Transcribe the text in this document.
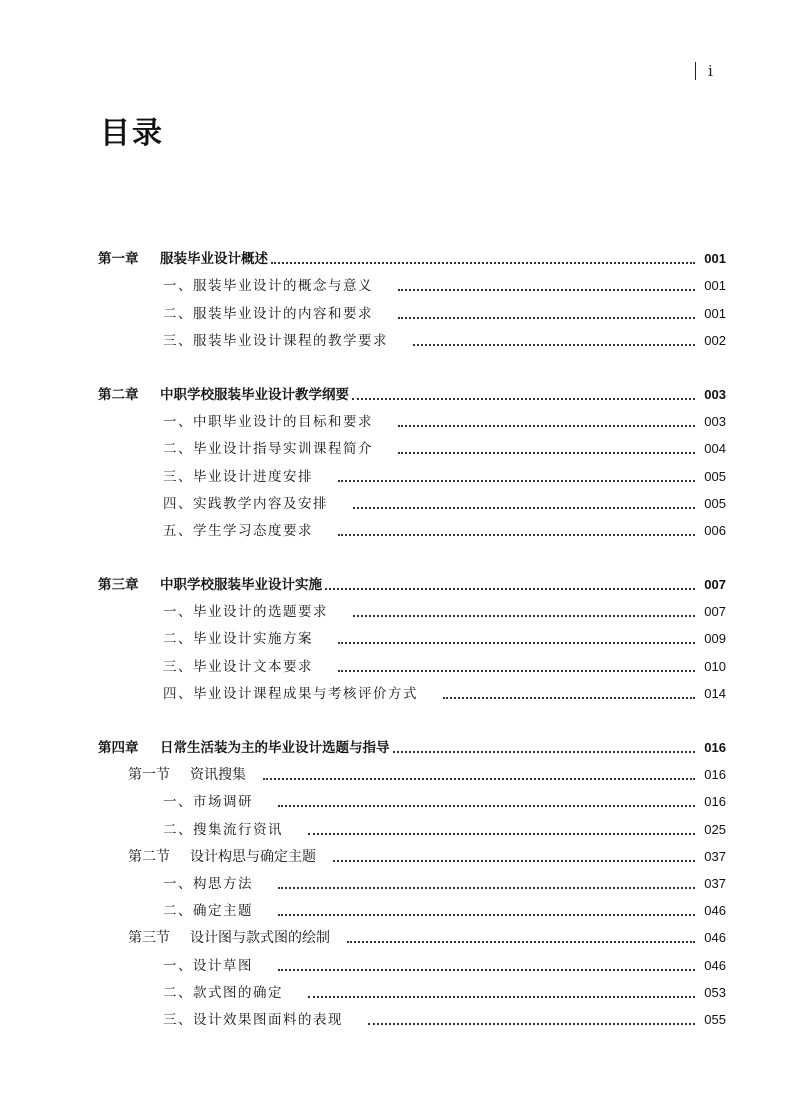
i
目录
第一章	服装毕业设计概述	001
一、服装毕业设计的概念与意义	001
二、服装毕业设计的内容和要求	001
三、服装毕业设计课程的教学要求	002
第二章	中职学校服装毕业设计教学纲要	003
一、中职毕业设计的目标和要求	003
二、毕业设计指导实训课程简介	004
三、毕业设计进度安排	005
四、实践教学内容及安排	005
五、学生学习态度要求	006
第三章	中职学校服装毕业设计实施	007
一、毕业设计的选题要求	007
二、毕业设计实施方案	009
三、毕业设计文本要求	010
四、毕业设计课程成果与考核评价方式	014
第四章	日常生活装为主的毕业设计选题与指导	016
第一节	资讯搜集	016
一、市场调研	016
二、搜集流行资讯	025
第二节	设计构思与确定主题	037
一、构思方法	037
二、确定主题	046
第三节	设计图与款式图的绘制	046
一、设计草图	046
二、款式图的确定	053
三、设计效果图面料的表现	055
